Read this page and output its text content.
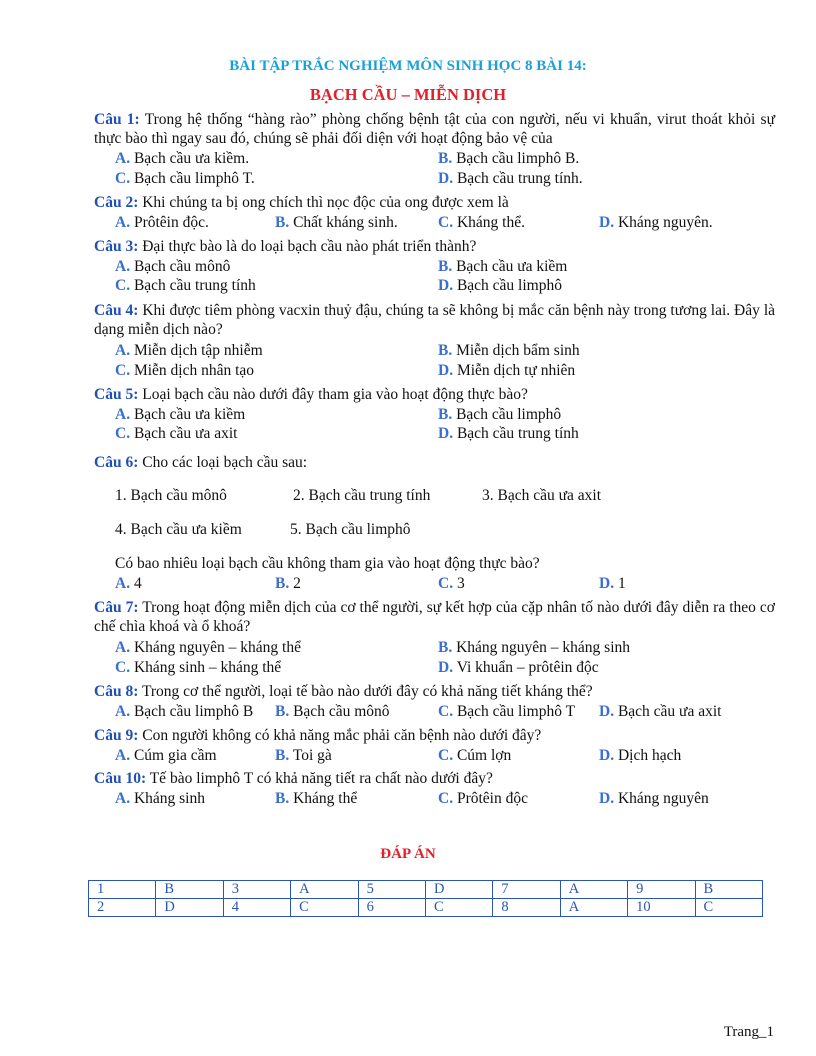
BÀI TẬP TRẮC NGHIỆM MÔN SINH HỌC 8 BÀI 14:
BẠCH CẦU – MIỄN DỊCH
Câu 1: Trong hệ thống “hàng rào” phòng chống bệnh tật của con người, nếu vi khuẩn, virut thoát khỏi sự thực bào thì ngay sau đó, chúng sẽ phải đối diện với hoạt động bảo vệ của
A. Bạch cầu ưa kiềm.	B. Bạch cầu limphô B.
C. Bạch cầu limphô T.	D. Bạch cầu trung tính.
Câu 2: Khi chúng ta bị ong chích thì nọc độc của ong được xem là
A. Prôtêin độc.	B. Chất kháng sinh.	C. Kháng thể.	D. Kháng nguyên.
Câu 3: Đại thực bào là do loại bạch cầu nào phát triển thành?
A. Bạch cầu mônô	B. Bạch cầu ưa kiềm
C. Bạch cầu trung tính	D. Bạch cầu limphô
Câu 4: Khi được tiêm phòng vacxin thuỷ đậu, chúng ta sẽ không bị mắc căn bệnh này trong tương lai. Đây là dạng miễn dịch nào?
A. Miễn dịch tập nhiễm	B. Miễn dịch bẩm sinh
C. Miễn dịch nhân tạo	D. Miễn dịch tự nhiên
Câu 5: Loại bạch cầu nào dưới đây tham gia vào hoạt động thực bào?
A. Bạch cầu ưa kiềm	B. Bạch cầu limphô
C. Bạch cầu ưa axit	D. Bạch cầu trung tính
Câu 6: Cho các loại bạch cầu sau:
1. Bạch cầu mônô	2. Bạch cầu trung tính	3. Bạch cầu ưa axit
4. Bạch cầu ưa kiềm	5. Bạch cầu limphô
Có bao nhiêu loại bạch cầu không tham gia vào hoạt động thực bào?
A. 4	B. 2	C. 3	D. 1
Câu 7: Trong hoạt động miễn dịch của cơ thể người, sự kết hợp của cặp nhân tố nào dưới đây diễn ra theo cơ chế chìa khoá và ổ khoá?
A. Kháng nguyên – kháng thể	B. Kháng nguyên – kháng sinh
C. Kháng sinh – kháng thể	D. Vi khuẩn – prôtêin độc
Câu 8: Trong cơ thể người, loại tế bào nào dưới đây có khả năng tiết kháng thể?
A. Bạch cầu limphô B B. Bạch cầu mônô	C. Bạch cầu limphô T D. Bạch cầu ưa axit
Câu 9: Con người không có khả năng mắc phải căn bệnh nào dưới đây?
A. Cúm gia cầm	B. Toi gà	C. Cúm lợn	D. Dịch hạch
Câu 10: Tế bào limphô T có khả năng tiết ra chất nào dưới đây?
A. Kháng sinh	B. Kháng thể	C. Prôtêin độc	D. Kháng nguyên
ĐÁP ÁN
1	B	3	A	5	D	7	A	9	B
2	D	4	C	6	C	8	A	10	C
Trang_1
